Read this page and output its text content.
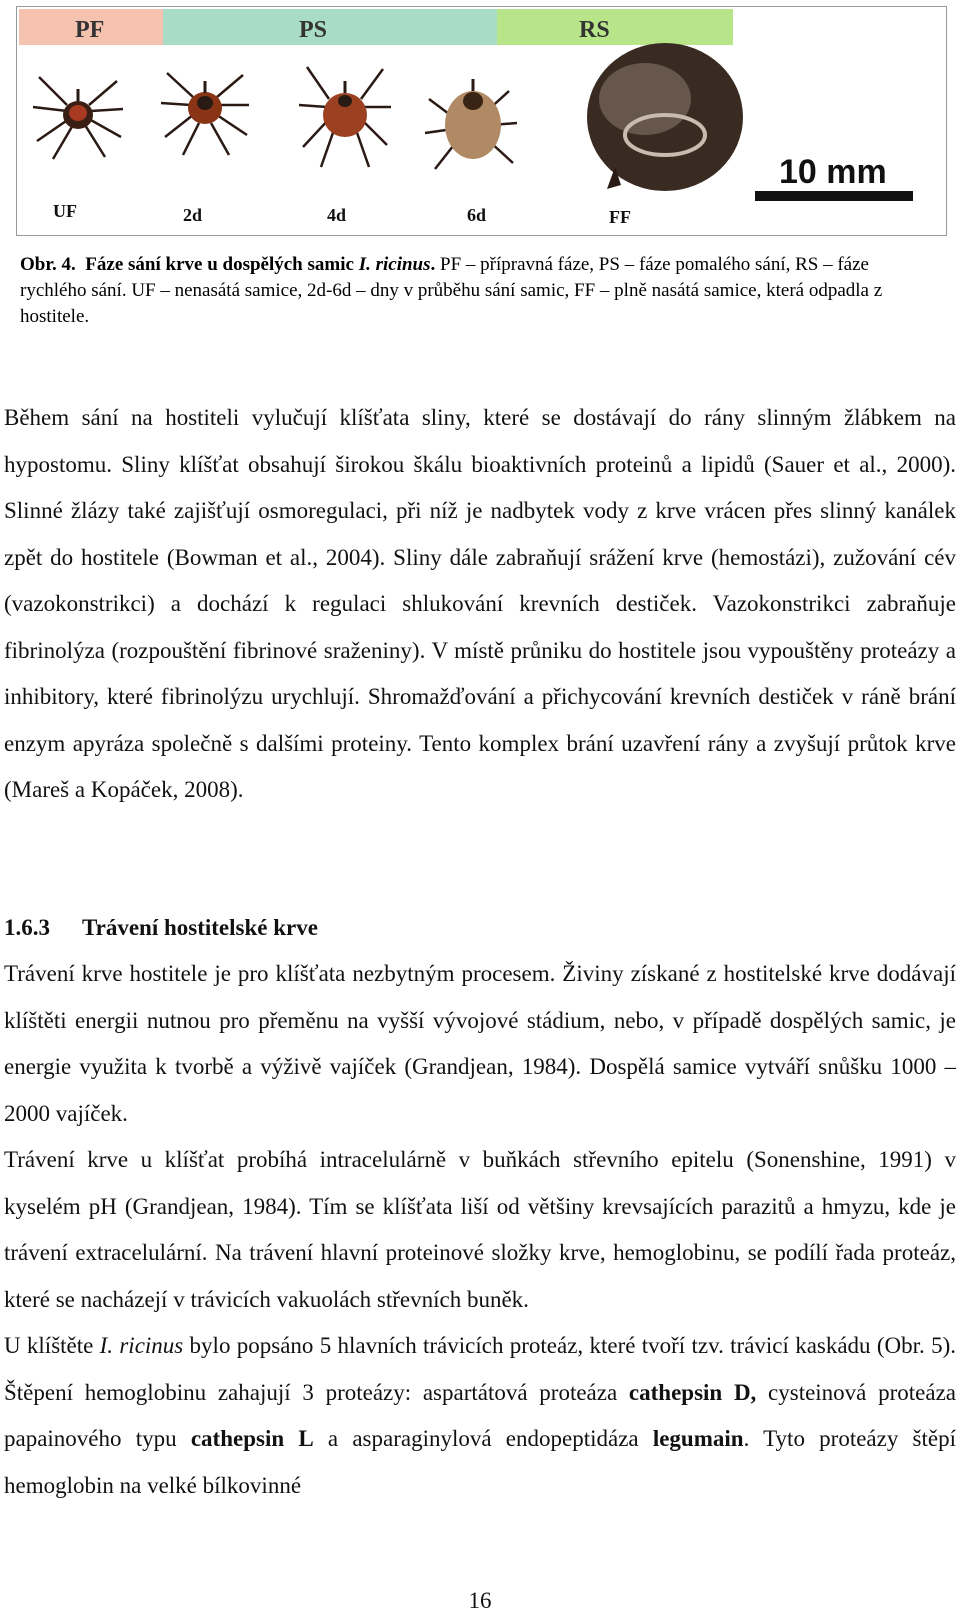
PF	PS	RS
10 mm
UF	2d	4d	6d	FF
Obr. 4. Fáze sání krve u dospělých samic I. ricinus. PF – přípravná fáze, PS – fáze pomalého sání, RS – fáze rychlého sání. UF – nenasátá samice, 2d-6d – dny v průběhu sání samic, FF – plně nasátá samice, která odpadla z hostitele.

Během sání na hostiteli vylučují klíšťata sliny, které se dostávají do rány slinným žlábkem na hypostomu. Sliny klíšťat obsahují širokou škálu bioaktivních proteinů a lipidů (Sauer et al., 2000). Slinné žlázy také zajišťují osmoregulaci, při níž je nadbytek vody z krve vrácen přes slinný kanálek zpět do hostitele (Bowman et al., 2004). Sliny dále zabraňují srážení krve (hemostázi), zužování cév (vazokonstrikci) a dochází k regulaci shlukování krevních destiček. Vazokonstrikci zabraňuje fibrinolýza (rozpouštění fibrinové sraženiny). V místě průniku do hostitele jsou vypouštěny proteázy a inhibitory, které fibrinolýzu urychlují. Shromažďování a přichycování krevních destiček v ráně brání enzym apyráza společně s dalšími proteiny. Tento komplex brání uzavření rány a zvyšují průtok krve (Mareš a Kopáček, 2008).

1.6.3 Trávení hostitelské krve

Trávení krve hostitele je pro klíšťata nezbytným procesem. Živiny získané z hostitelské krve dodávají klíštěti energii nutnou pro přeměnu na vyšší vývojové stádium, nebo, v případě dospělých samic, je energie využita k tvorbě a výživě vajíček (Grandjean, 1984). Dospělá samice vytváří snůšku 1000 – 2000 vajíček.

Trávení krve u klíšťat probíhá intracelulárně v buňkách střevního epitelu (Sonenshine, 1991) v kyselém pH (Grandjean, 1984). Tím se klíšťata liší od většiny krevsajících parazitů a hmyzu, kde je trávení extracelulární. Na trávení hlavní proteinové složky krve, hemoglobinu, se podílí řada proteáz, které se nacházejí v trávicích vakuolách střevních buněk.

U klíštěte I. ricinus bylo popsáno 5 hlavních trávicích proteáz, které tvoří tzv. trávicí kaskádu (Obr. 5). Štěpení hemoglobinu zahajují 3 proteázy: aspartátová proteáza cathepsin D, cysteinová proteáza papainového typu cathepsin L a asparaginylová endopeptidáza legumain. Tyto proteázy štěpí hemoglobin na velké bílkovinné

16
